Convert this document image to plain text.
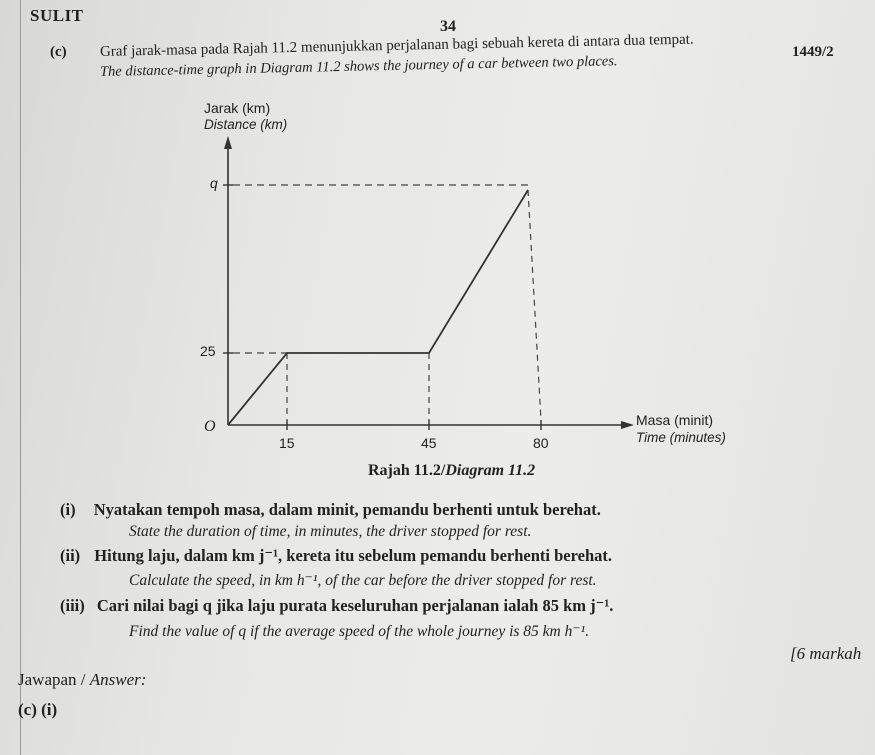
SULIT
34
1449/2
(c) Graf jarak-masa pada Rajah 11.2 menunjukkan perjalanan bagi sebuah kereta di antara dua tempat.
The distance-time graph in Diagram 11.2 shows the journey of a car between two places.
Jarak (km)
Distance (km)
q
25
O
15	45	80
Masa (minit)
Time (minutes)
Rajah 11.2/Diagram 11.2
(i) Nyatakan tempoh masa, dalam minit, pemandu berhenti untuk berehat.
State the duration of time, in minutes, the driver stopped for rest.
(ii) Hitung laju, dalam km j⁻¹, kereta itu sebelum pemandu berhenti berehat.
Calculate the speed, in km h⁻¹, of the car before the driver stopped for rest.
(iii) Cari nilai bagi q jika laju purata keseluruhan perjalanan ialah 85 km j⁻¹.
Find the value of q if the average speed of the whole journey is 85 km h⁻¹.
[6 markah
Jawapan / Answer:
(c) (i)
